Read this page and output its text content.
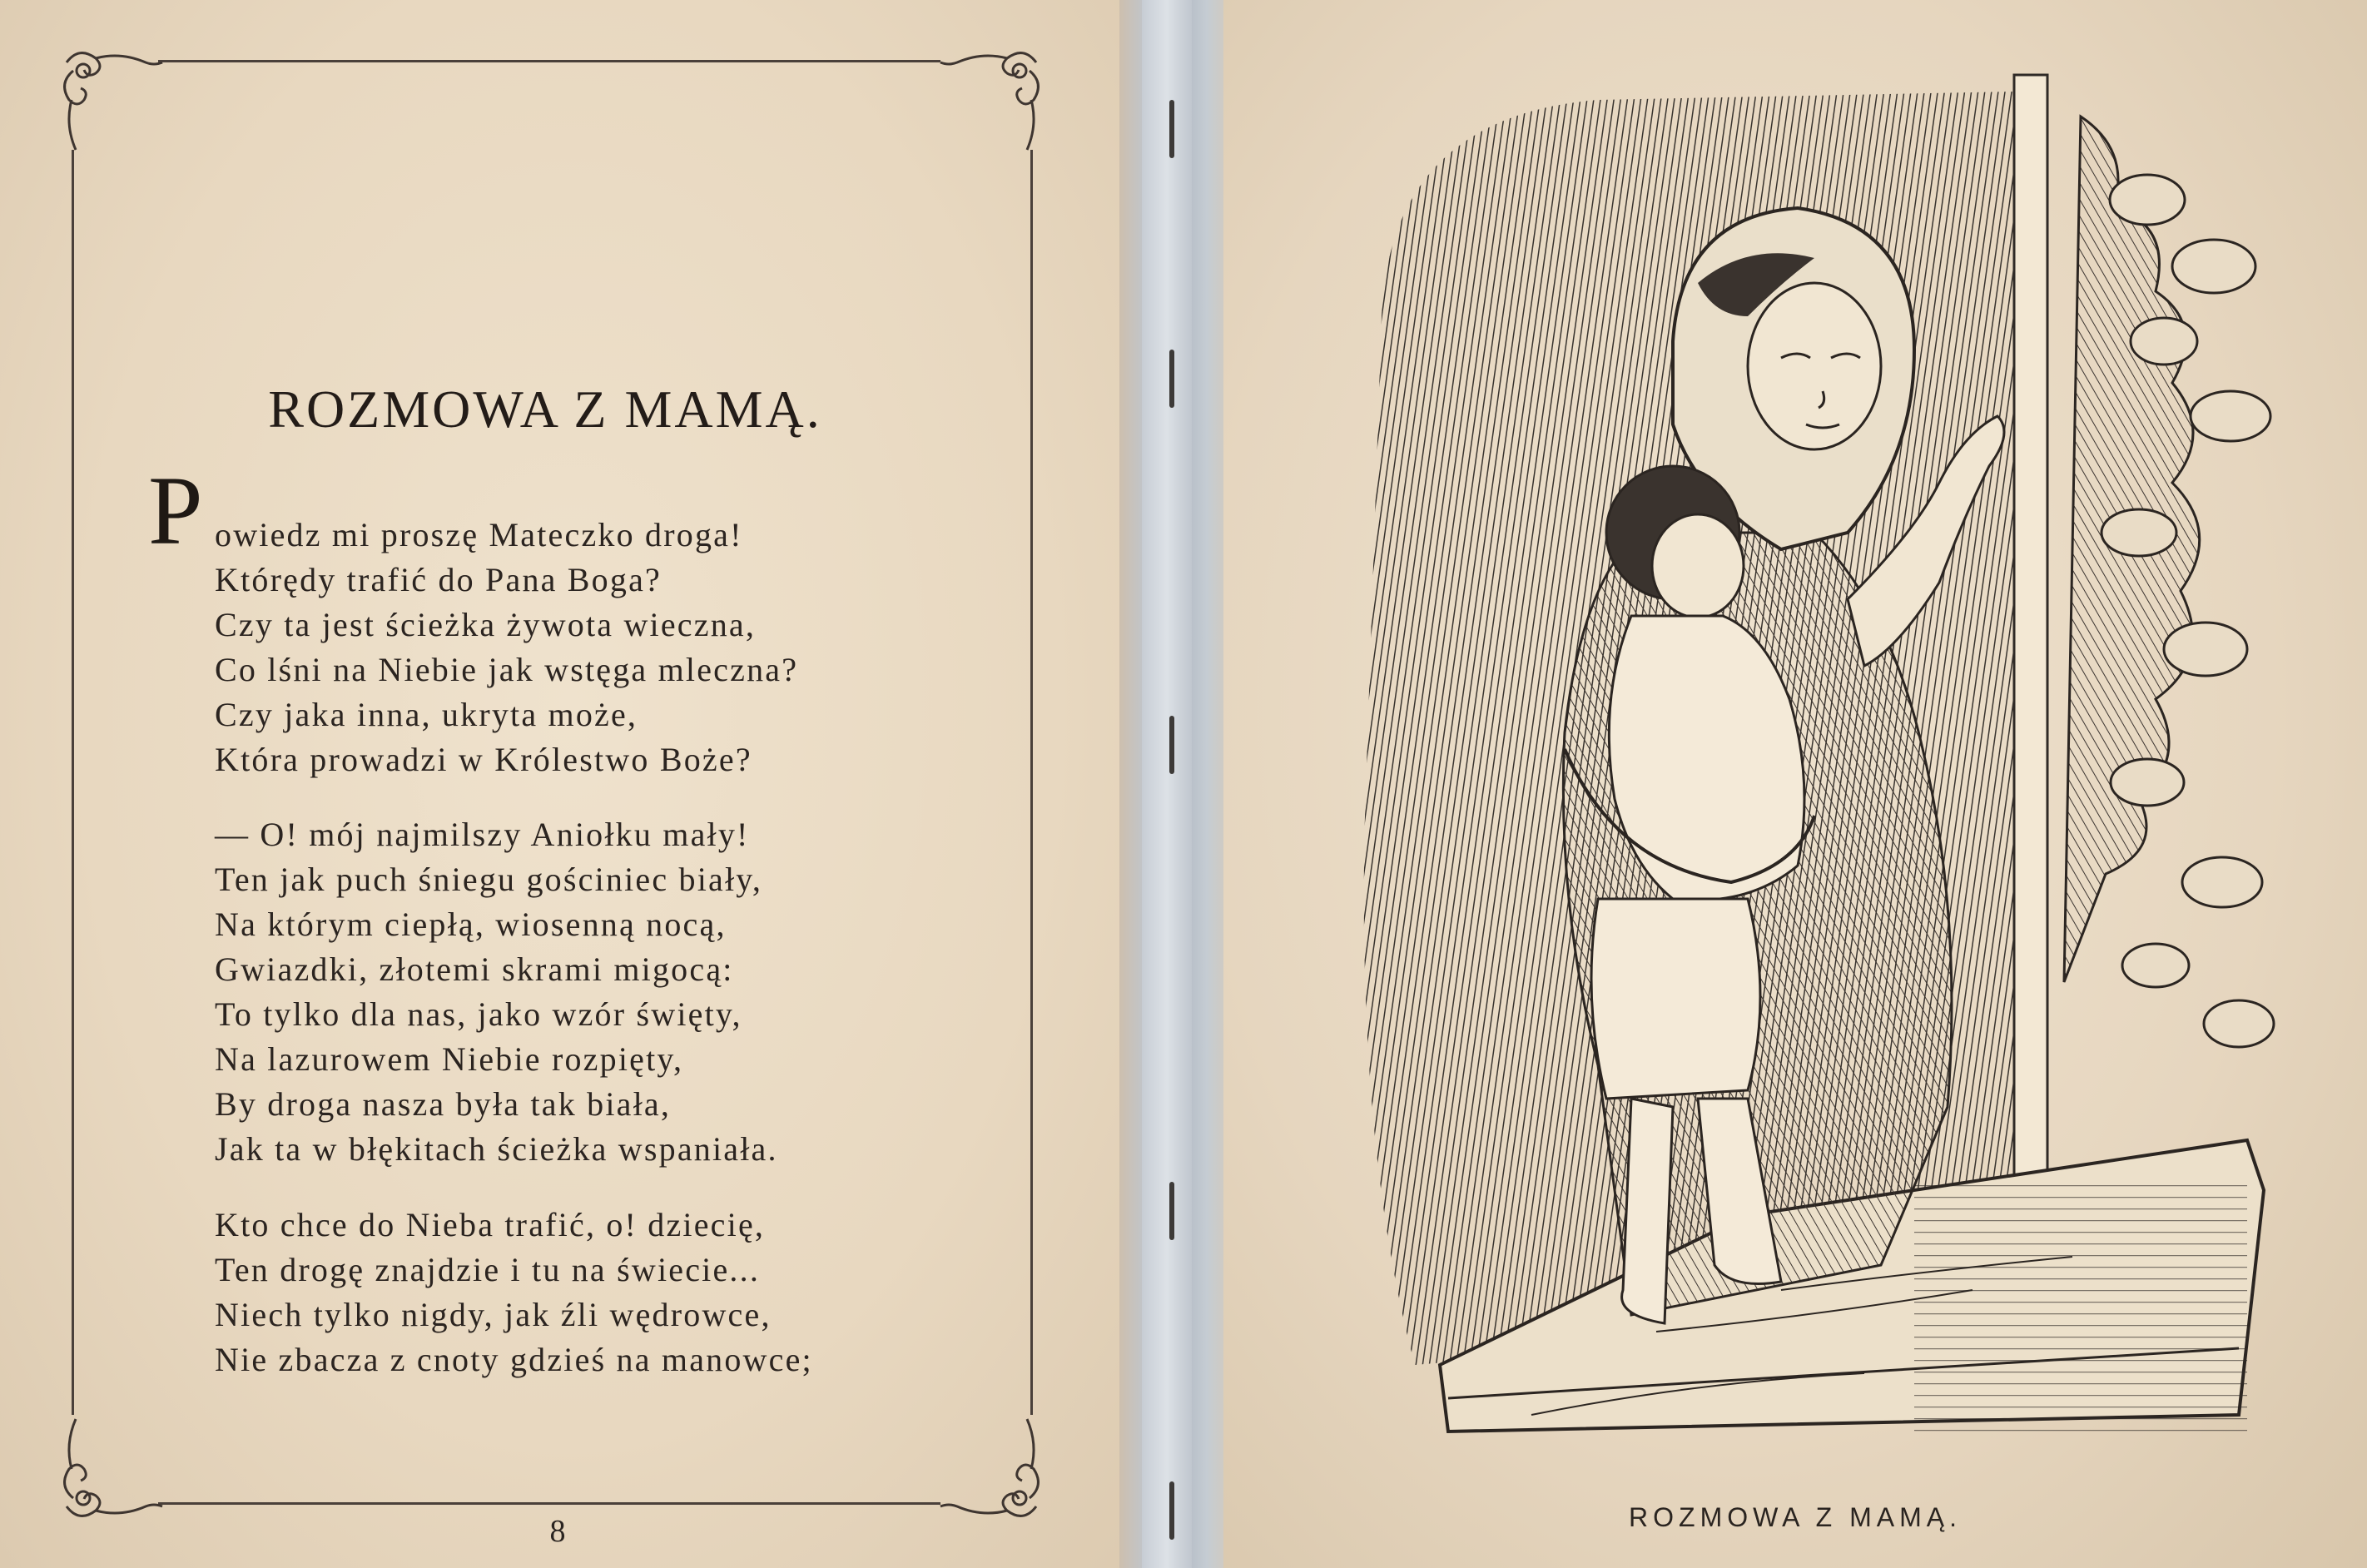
ROZMOWA Z MAMĄ.
P owiedz mi proszę Mateczko droga!
Którędy trafić do Pana Boga?
Czy ta jest ścieżka żywota wieczna,
Co lśni na Niebie jak wstęga mleczna?
Czy jaka inna, ukryta może,
Która prowadzi w Królestwo Boże?
— O! mój najmilszy Aniołku mały!
Ten jak puch śniegu gościniec biały,
Na którym ciepłą, wiosenną nocą,
Gwiazdki, złotemi skrami migocą:
To tylko dla nas, jako wzór święty,
Na lazurowem Niebie rozpięty,
By droga nasza była tak biała,
Jak ta w błękitach ścieżka wspaniała.
Kto chce do Nieba trafić, o! dziecię,
Ten drogę znajdzie i tu na świecie...
Niech tylko nigdy, jak źli wędrowce,
Nie zbacza z cnoty gdzieś na manowce;
8	ROZMOWA Z MAMĄ.
